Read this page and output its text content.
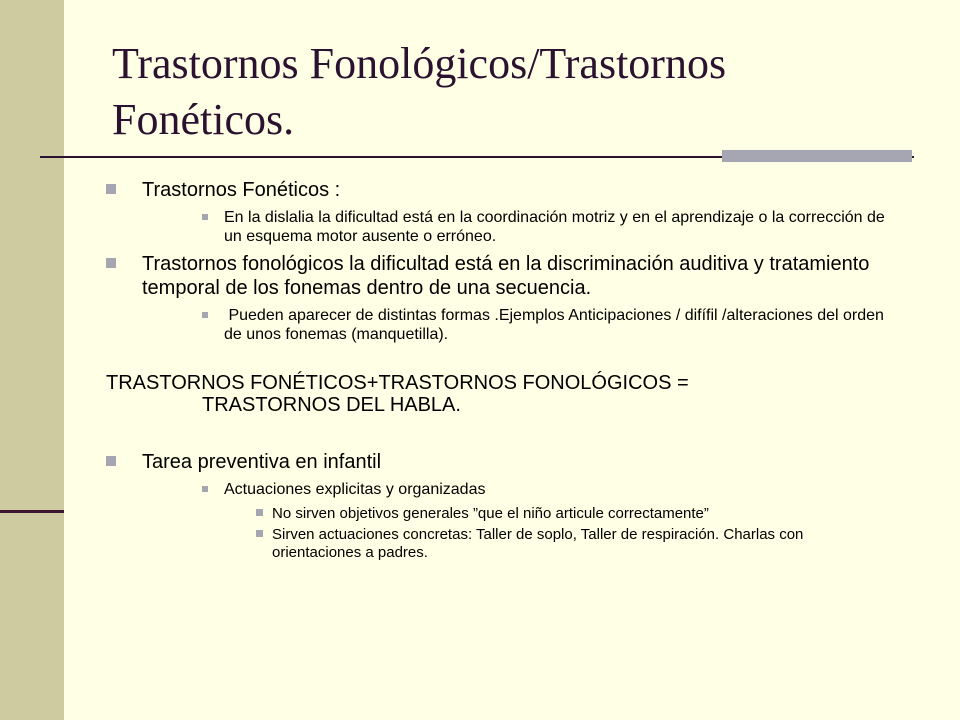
Trastornos Fonológicos/Trastornos Fonéticos.
Trastornos Fonéticos :
En la dislalia la dificultad está en la coordinación motriz y en el aprendizaje o la corrección de un esquema motor ausente o erróneo.
Trastornos fonológicos la dificultad está en la discriminación auditiva y tratamiento temporal de los fonemas dentro de una secuencia.
Pueden aparecer de distintas formas .Ejemplos Anticipaciones / difífil /alteraciones del orden de unos fonemas (manquetilla).
TRASTORNOS FONÉTICOS+TRASTORNOS FONOLÓGICOS =
TRASTORNOS DEL HABLA.
Tarea preventiva en infantil
Actuaciones explicitas y organizadas
No sirven objetivos generales ”que el niño articule correctamente”
Sirven actuaciones concretas: Taller de soplo, Taller de respiración. Charlas con orientaciones a padres.
